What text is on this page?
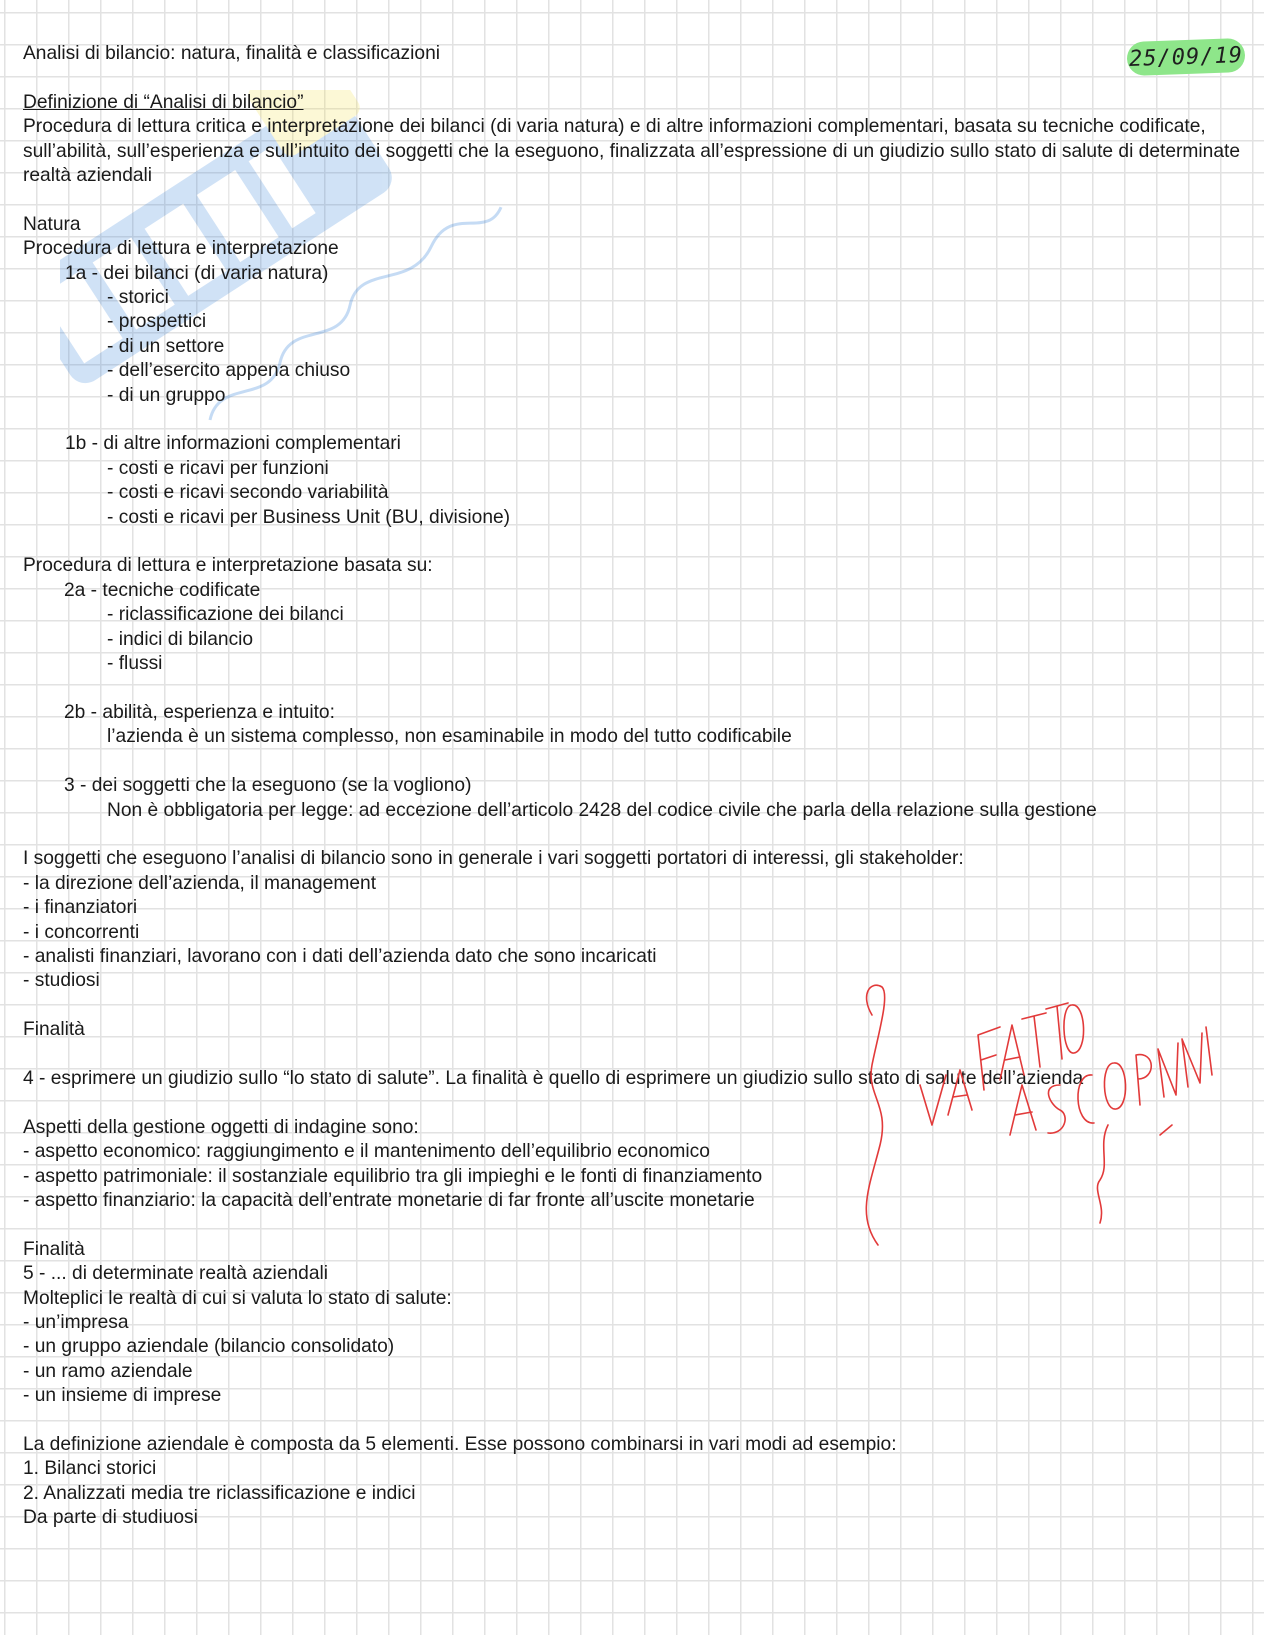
25/09/19
Analisi di bilancio: natura, finalità e classificazioni
Definizione di “Analisi di bilancio”
Procedura di lettura critica e interpretazione dei bilanci (di varia natura) e di altre informazioni complementari, basata su tecniche codificate, sull’abilità, sull’esperienza e sull’intuito dei soggetti che la eseguono, finalizzata all’espressione di un giudizio sullo stato di salute di determinate realtà aziendali
Natura
Procedura di lettura e interpretazione
1a - dei bilanci (di varia natura)
- storici
- prospettici
- di un settore
- dell’esercito appena chiuso
- di un gruppo
1b - di altre informazioni complementari
- costi e ricavi per funzioni
- costi e ricavi secondo variabilità
- costi e ricavi per Business Unit (BU, divisione)
Procedura di lettura e interpretazione basata su:
2a - tecniche codificate
- riclassificazione dei bilanci
- indici di bilancio
- flussi
2b - abilità, esperienza e intuito:
l’azienda è un sistema complesso, non esaminabile in modo del tutto codificabile
3 - dei soggetti che la eseguono (se la vogliono)
Non è obbligatoria per legge: ad eccezione dell’articolo 2428 del codice civile che parla della relazione sulla gestione
I soggetti che eseguono l’analisi di bilancio sono in generale i vari soggetti portatori di interessi, gli stakeholder:
- la direzione dell’azienda, il management
- i finanziatori
- i concorrenti
- analisti finanziari, lavorano con i dati dell’azienda dato che sono incaricati
- studiosi
Finalità
4 - esprimere un giudizio sullo “lo stato di salute”. La finalità è quello di esprimere un giudizio sullo stato di salute dell’azienda
Aspetti della gestione oggetti di indagine sono:
- aspetto economico: raggiungimento e il mantenimento dell’equilibrio economico
- aspetto patrimoniale: il sostanziale equilibrio tra gli impieghi e le fonti di finanziamento
- aspetto finanziario: la capacità dell’entrate monetarie di far fronte all’uscite monetarie
Finalità
5 - ... di determinate realtà aziendali
Molteplici le realtà di cui si valuta lo stato di salute:
- un’impresa
- un gruppo aziendale (bilancio consolidato)
- un ramo aziendale
- un insieme di imprese
La definizione aziendale è composta da 5 elementi. Esse possono combinarsi in vari modi ad esempio:
1. Bilanci storici
2. Analizzati media tre riclassificazione e indici
Da parte di studiuosi
VA FATTO A SCOPPIATO
